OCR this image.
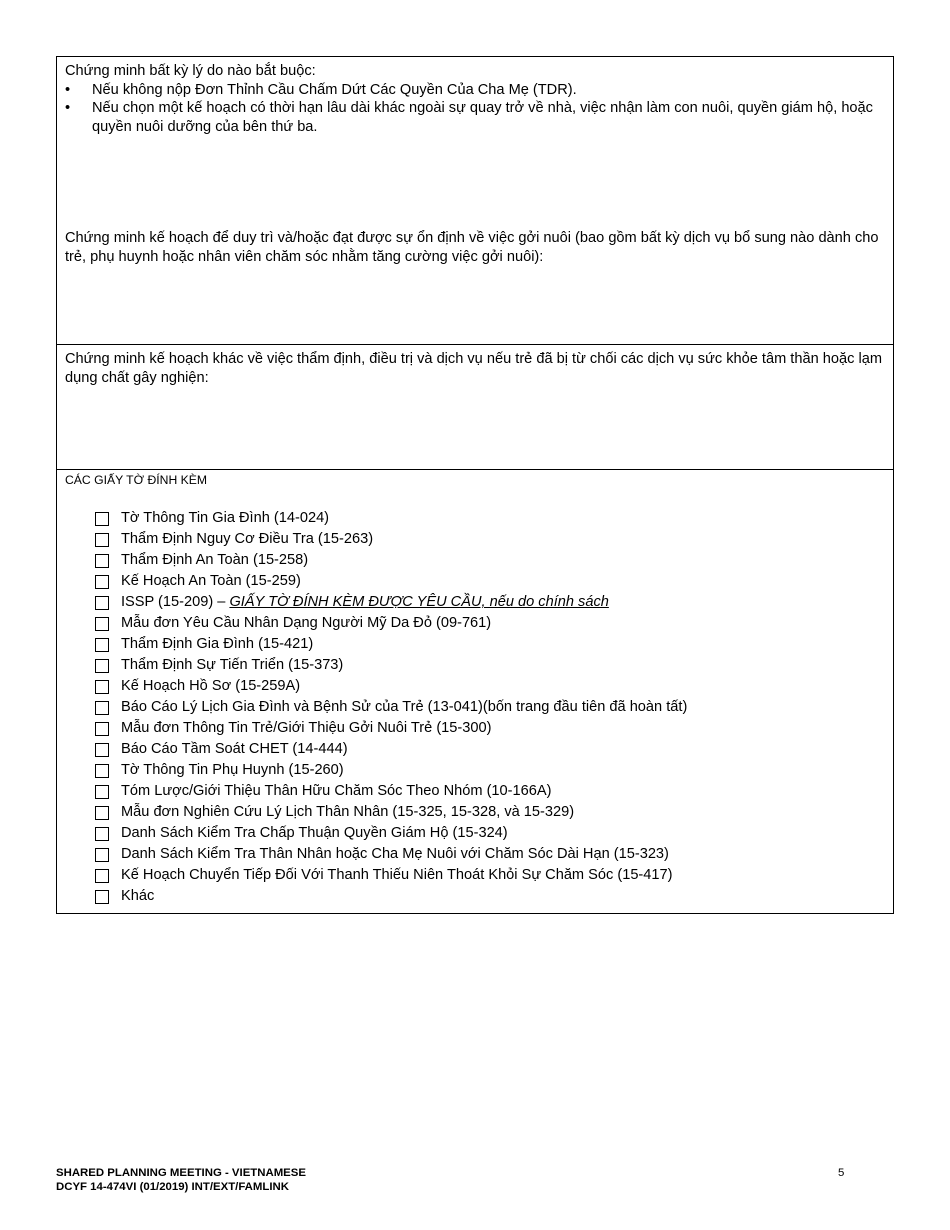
Chứng minh bất kỳ lý do nào bắt buộc:

• Nếu không nộp Đơn Thỉnh Cầu Chấm Dứt Các Quyền Của Cha Mẹ (TDR).
• Nếu chọn một kế hoạch có thời hạn lâu dài khác ngoài sự quay trở về nhà, việc nhận làm con nuôi, quyền giám hộ, hoặc quyền nuôi dưỡng của bên thứ ba.

Chứng minh kế hoạch để duy trì và/hoặc đạt được sự ổn định về việc gởi nuôi (bao gồm bất kỳ dịch vụ bổ sung nào dành cho trẻ, phụ huynh hoặc nhân viên chăm sóc nhằm tăng cường việc gởi nuôi):

Chứng minh kế hoạch khác về việc thẩm định, điều trị và dịch vụ nếu trẻ đã bị từ chối các dịch vụ sức khỏe tâm thần hoặc lạm dụng chất gây nghiện:

CÁC GIẤY TỜ ĐÍNH KÈM
Tờ Thông Tin Gia Đình (14-024)
Thẩm Định Nguy Cơ Điều Tra (15-263)
Thẩm Định An Toàn (15-258)
Kế Hoạch An Toàn (15-259)
ISSP (15-209) – GIẤY TỜ ĐÍNH KÈM ĐƯỢC YÊU CẦU, nếu do chính sách
Mẫu đơn Yêu Cầu Nhân Dạng Người Mỹ Da Đỏ (09-761)
Thẩm Định Gia Đình (15-421)
Thẩm Định Sự Tiến Triển (15-373)
Kế Hoạch Hồ Sơ (15-259A)
Báo Cáo Lý Lịch Gia Đình và Bệnh Sử của Trẻ (13-041)(bốn trang đầu tiên đã hoàn tất)
Mẫu đơn Thông Tin Trẻ/Giới Thiệu Gởi Nuôi Trẻ (15-300)
Báo Cáo Tầm Soát CHET (14-444)
Tờ Thông Tin Phụ Huynh (15-260)
Tóm Lược/Giới Thiệu Thân Hữu Chăm Sóc Theo Nhóm (10-166A)
Mẫu đơn Nghiên Cứu Lý Lịch Thân Nhân (15-325, 15-328, và 15-329)
Danh Sách Kiểm Tra Chấp Thuận Quyền Giám Hộ (15-324)
Danh Sách Kiểm Tra Thân Nhân hoặc Cha Mẹ Nuôi với Chăm Sóc Dài Hạn (15-323)
Kế Hoạch Chuyển Tiếp Đối Với Thanh Thiếu Niên Thoát Khỏi Sự Chăm Sóc (15-417)
Khác
SHARED PLANNING MEETING - VIETNAMESE
DCYF 14-474VI (01/2019) INT/EXT/FAMLINK
5
